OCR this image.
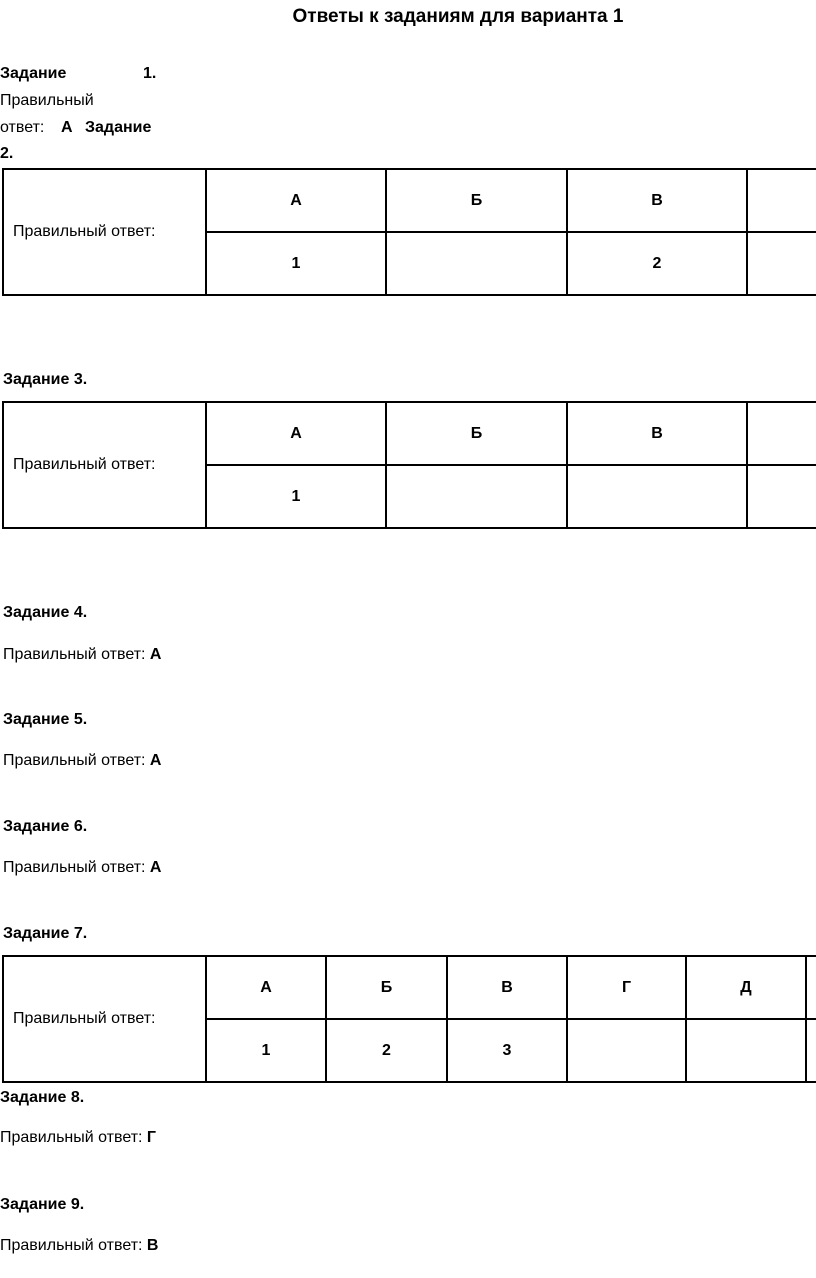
Ответы к заданиям для варианта 1
Задание	1.
Правильный
ответ: А Задание
2.
Правильный ответ:	А	Б	В	
	1		2	
Задание 3.
Правильный ответ:	А	Б	В	
	1			
Задание 4.
Правильный ответ: А
Задание 5.
Правильный ответ: А
Задание 6.
Правильный ответ: А
Задание 7.
Правильный ответ:	А	Б	В	Г	Д	
	1	2	3			
Задание 8.
Правильный ответ: Г
Задание 9.
Правильный ответ: В
